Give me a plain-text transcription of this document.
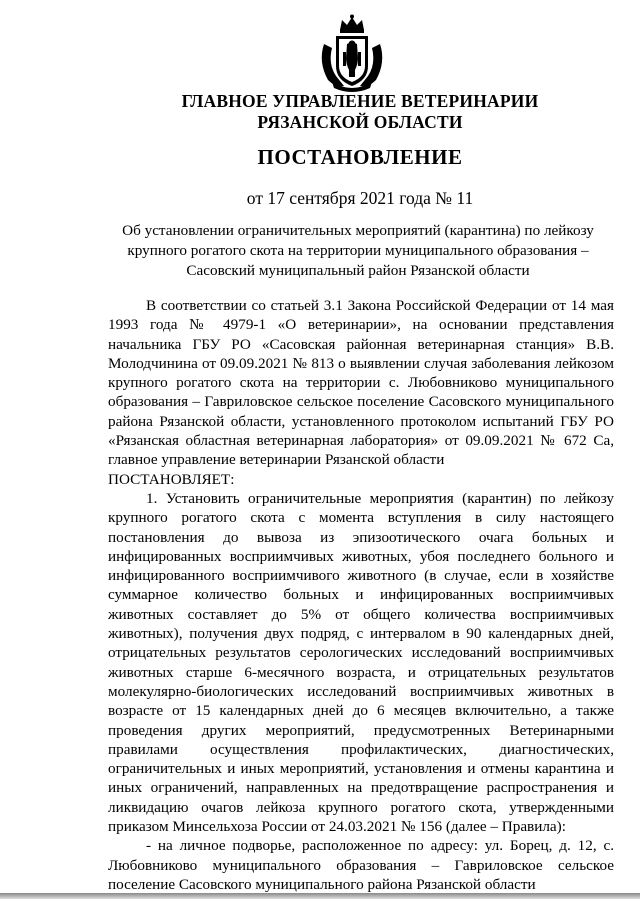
ГЛАВНОЕ УПРАВЛЕНИЕ ВЕТЕРИНАРИИ
РЯЗАНСКОЙ ОБЛАСТИ
ПОСТАНОВЛЕНИЕ
от 17 сентября 2021 года № 11
Об установлении ограничительных мероприятий (карантина) по лейкозу
крупного рогатого скота на территории муниципального образования –
Сасовский муниципальный район Рязанской области

В соответствии со статьей 3.1 Закона Российской Федерации от 14 мая 1993 года № 4979-1 «О ветеринарии», на основании представления начальника ГБУ РО «Сасовская районная ветеринарная станция» В.В. Молодчинина от 09.09.2021 № 813 о выявлении случая заболевания лейкозом крупного рогатого скота на территории с. Любовниково муниципального образования – Гавриловское сельское поселение Сасовского муниципального района Рязанской области, установленного протоколом испытаний ГБУ РО «Рязанская областная ветеринарная лаборатория» от 09.09.2021 № 672 Са, главное управление ветеринарии Рязанской области

ПОСТАНОВЛЯЕТ:

1. Установить ограничительные мероприятия (карантин) по лейкозу крупного рогатого скота с момента вступления в силу настоящего постановления до вывоза из эпизоотического очага больных и инфицированных восприимчивых животных, убоя последнего больного и инфицированного восприимчивого животного (в случае, если в хозяйстве суммарное количество больных и инфицированных восприимчивых животных составляет до 5% от общего количества восприимчивых животных), получения двух подряд, с интервалом в 90 календарных дней, отрицательных результатов серологических исследований восприимчивых животных старше 6-месячного возраста, и отрицательных результатов молекулярно-биологических исследований восприимчивых животных в возрасте от 15 календарных дней до 6 месяцев включительно, а также проведения других мероприятий, предусмотренных Ветеринарными правилами осуществления профилактических, диагностических, ограничительных и иных мероприятий, установления и отмены карантина и иных ограничений, направленных на предотвращение распространения и ликвидацию очагов лейкоза крупного рогатого скота, утвержденными приказом Минсельхоза России от 24.03.2021 № 156 (далее – Правила):

- на личное подворье, расположенное по адресу: ул. Борец, д. 12, с. Любовниково муниципального образования – Гавриловское сельское поселение Сасовского муниципального района Рязанской области
